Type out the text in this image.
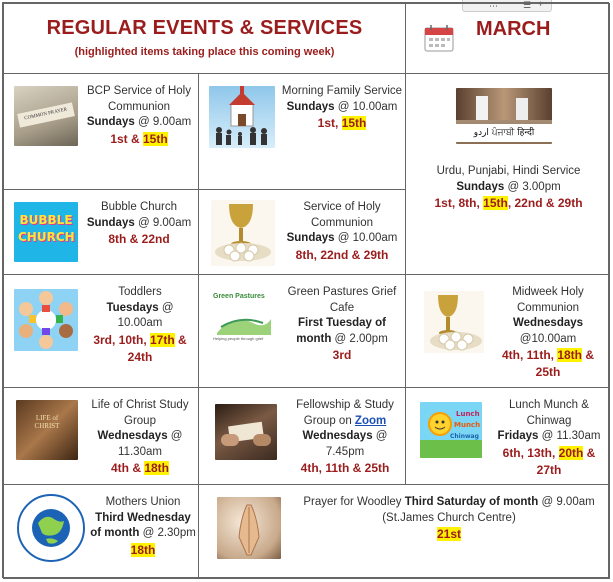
⋯	☰ +
REGULAR EVENTS & SERVICES
(highlighted items taking place this coming week)
MARCH
COMMON PRAYER
BCP Service of Holy Communion
Sundays @ 9.00am
1st & 15th
Morning Family Service
Sundays @ 10.00am
1st, 15th
اردو ਪੰਜਾਬੀ हिन्दी
Urdu, Punjabi, Hindi Service
Sundays @ 3.00pm
1st, 8th, 15th, 22nd & 29th
BUBBLE CHURCH
Bubble Church
Sundays @ 9.00am
8th & 22nd
Service of Holy Communion
Sundays @ 10.00am
8th, 22nd & 29th
Toddlers
Tuesdays @ 10.00am
3rd, 10th, 17th & 24th
Green Pastures
Helping people through grief
Green Pastures Grief Cafe
First Tuesday of month @ 2.00pm
3rd
Midweek Holy Communion
Wednesdays
@10.00am
4th, 11th, 18th & 25th
LIFE of CHRIST
Life of Christ Study Group
Wednesdays @ 11.30am
4th & 18th
Fellowship & Study Group on Zoom
Wednesdays @ 7.45pm
4th, 11th & 25th
Lunch
Munch
Chinwag
Lunch Munch & Chinwag
Fridays @ 11.30am
6th, 13th, 20th & 27th
Mothers Union
Third Wednesday of month @ 2.30pm
18th
Prayer for Woodley Third Saturday of month @ 9.00am
(St.James Church Centre)
21st
